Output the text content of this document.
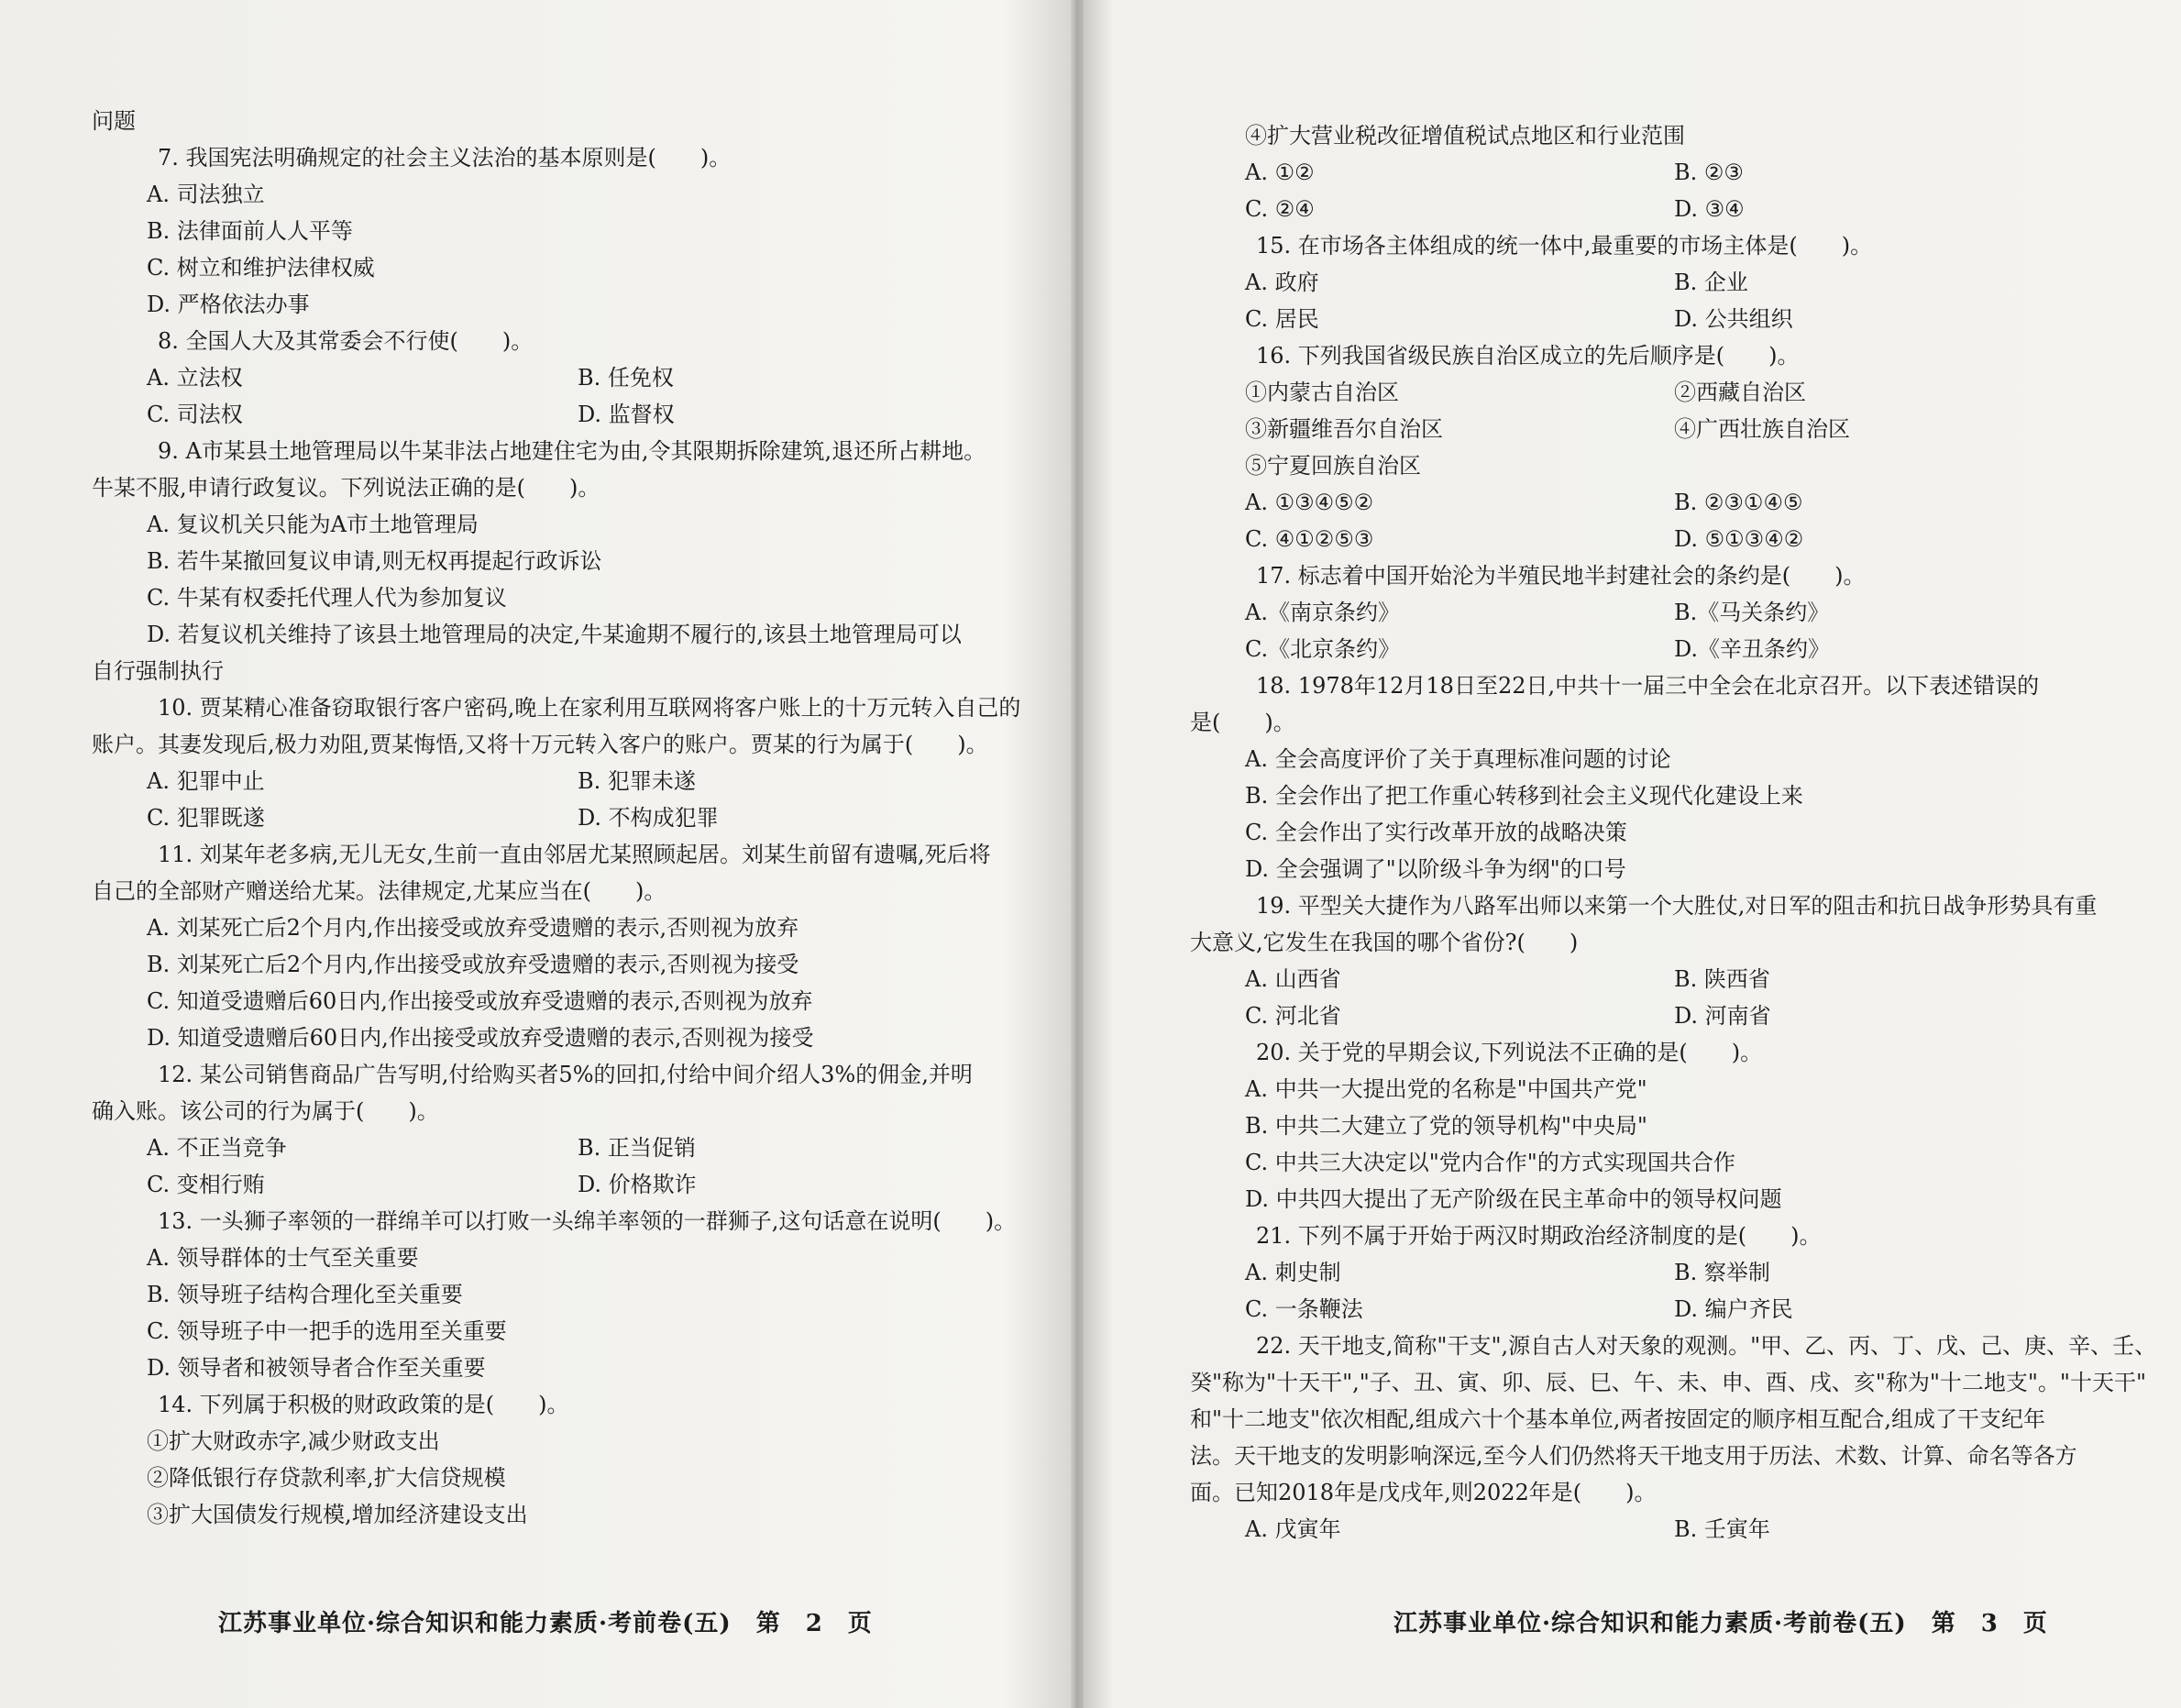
问题
7. 我国宪法明确规定的社会主义法治的基本原则是(　　)。
A. 司法独立
B. 法律面前人人平等
C. 树立和维护法律权威
D. 严格依法办事
8. 全国人大及其常委会不行使(　　)。
A. 立法权	B. 任免权
C. 司法权	D. 监督权
9. A市某县土地管理局以牛某非法占地建住宅为由,令其限期拆除建筑,退还所占耕地。
牛某不服,申请行政复议。下列说法正确的是(　　)。
A. 复议机关只能为A市土地管理局
B. 若牛某撤回复议申请,则无权再提起行政诉讼
C. 牛某有权委托代理人代为参加复议
D. 若复议机关维持了该县土地管理局的决定,牛某逾期不履行的,该县土地管理局可以
自行强制执行
10. 贾某精心准备窃取银行客户密码,晚上在家利用互联网将客户账上的十万元转入自己的
账户。其妻发现后,极力劝阻,贾某悔悟,又将十万元转入客户的账户。贾某的行为属于(　　)。
A. 犯罪中止	B. 犯罪未遂
C. 犯罪既遂	D. 不构成犯罪
11. 刘某年老多病,无儿无女,生前一直由邻居尤某照顾起居。刘某生前留有遗嘱,死后将
自己的全部财产赠送给尤某。法律规定,尤某应当在(　　)。
A. 刘某死亡后2个月内,作出接受或放弃受遗赠的表示,否则视为放弃
B. 刘某死亡后2个月内,作出接受或放弃受遗赠的表示,否则视为接受
C. 知道受遗赠后60日内,作出接受或放弃受遗赠的表示,否则视为放弃
D. 知道受遗赠后60日内,作出接受或放弃受遗赠的表示,否则视为接受
12. 某公司销售商品广告写明,付给购买者5%的回扣,付给中间介绍人3%的佣金,并明
确入账。该公司的行为属于(　　)。
A. 不正当竞争	B. 正当促销
C. 变相行贿	D. 价格欺诈
13. 一头狮子率领的一群绵羊可以打败一头绵羊率领的一群狮子,这句话意在说明(　　)。
A. 领导群体的士气至关重要
B. 领导班子结构合理化至关重要
C. 领导班子中一把手的选用至关重要
D. 领导者和被领导者合作至关重要
14. 下列属于积极的财政政策的是(　　)。
①扩大财政赤字,减少财政支出
②降低银行存贷款利率,扩大信贷规模
③扩大国债发行规模,增加经济建设支出
江苏事业单位·综合知识和能力素质·考前卷(五)　第　2　页
④扩大营业税改征增值税试点地区和行业范围
A. ①②	B. ②③
C. ②④	D. ③④
15. 在市场各主体组成的统一体中,最重要的市场主体是(　　)。
A. 政府	B. 企业
C. 居民	D. 公共组织
16. 下列我国省级民族自治区成立的先后顺序是(　　)。
①内蒙古自治区	②西藏自治区
③新疆维吾尔自治区	④广西壮族自治区
⑤宁夏回族自治区
A. ①③④⑤②	B. ②③①④⑤
C. ④①②⑤③	D. ⑤①③④②
17. 标志着中国开始沦为半殖民地半封建社会的条约是(　　)。
A.《南京条约》	B.《马关条约》
C.《北京条约》	D.《辛丑条约》
18. 1978年12月18日至22日,中共十一届三中全会在北京召开。以下表述错误的
是(　　)。
A. 全会高度评价了关于真理标准问题的讨论
B. 全会作出了把工作重心转移到社会主义现代化建设上来
C. 全会作出了实行改革开放的战略决策
D. 全会强调了"以阶级斗争为纲"的口号
19. 平型关大捷作为八路军出师以来第一个大胜仗,对日军的阻击和抗日战争形势具有重
大意义,它发生在我国的哪个省份?(　　)
A. 山西省	B. 陕西省
C. 河北省	D. 河南省
20. 关于党的早期会议,下列说法不正确的是(　　)。
A. 中共一大提出党的名称是"中国共产党"
B. 中共二大建立了党的领导机构"中央局"
C. 中共三大决定以"党内合作"的方式实现国共合作
D. 中共四大提出了无产阶级在民主革命中的领导权问题
21. 下列不属于开始于两汉时期政治经济制度的是(　　)。
A. 刺史制	B. 察举制
C. 一条鞭法	D. 编户齐民
22. 天干地支,简称"干支",源自古人对天象的观测。"甲、乙、丙、丁、戊、己、庚、辛、壬、
癸"称为"十天干","子、丑、寅、卯、辰、巳、午、未、申、酉、戌、亥"称为"十二地支"。"十天干"
和"十二地支"依次相配,组成六十个基本单位,两者按固定的顺序相互配合,组成了干支纪年
法。天干地支的发明影响深远,至今人们仍然将天干地支用于历法、术数、计算、命名等各方
面。已知2018年是戊戌年,则2022年是(　　)。
A. 戊寅年	B. 壬寅年
江苏事业单位·综合知识和能力素质·考前卷(五)　第　3　页
